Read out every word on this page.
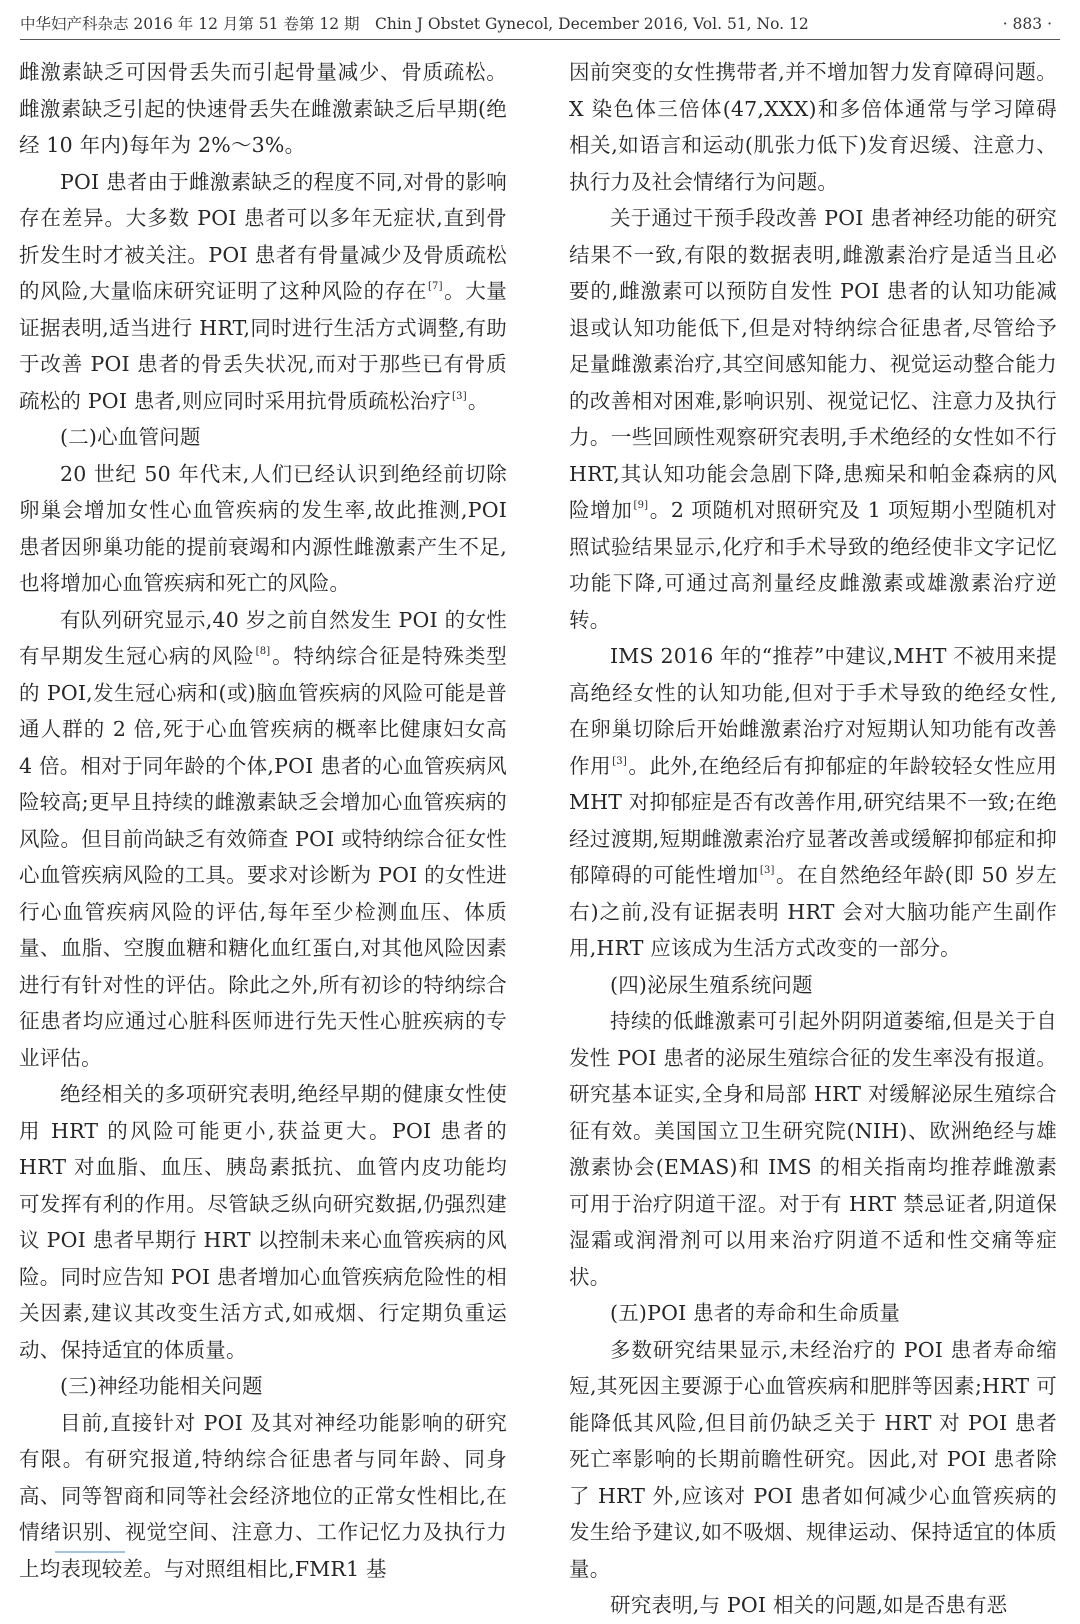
中华妇产科杂志 2016 年 12 月第 51 卷第 12 期　Chin J Obstet Gynecol, December 2016, Vol. 51, No. 12	· 883 ·

雌激素缺乏可因骨丢失而引起骨量减少、骨质疏松。雌激素缺乏引起的快速骨丢失在雌激素缺乏后早期(绝经 10 年内)每年为 2%～3%。

POI 患者由于雌激素缺乏的程度不同,对骨的影响存在差异。大多数 POI 患者可以多年无症状,直到骨折发生时才被关注。POI 患者有骨量减少及骨质疏松的风险,大量临床研究证明了这种风险的存在[7]。大量证据表明,适当进行 HRT,同时进行生活方式调整,有助于改善 POI 患者的骨丢失状况,而对于那些已有骨质疏松的 POI 患者,则应同时采用抗骨质疏松治疗[3]。

(二)心血管问题

20 世纪 50 年代末,人们已经认识到绝经前切除卵巢会增加女性心血管疾病的发生率,故此推测,POI 患者因卵巢功能的提前衰竭和内源性雌激素产生不足,也将增加心血管疾病和死亡的风险。

有队列研究显示,40 岁之前自然发生 POI 的女性有早期发生冠心病的风险[8]。特纳综合征是特殊类型的 POI,发生冠心病和(或)脑血管疾病的风险可能是普通人群的 2 倍,死于心血管疾病的概率比健康妇女高 4 倍。相对于同年龄的个体,POI 患者的心血管疾病风险较高;更早且持续的雌激素缺乏会增加心血管疾病的风险。但目前尚缺乏有效筛查 POI 或特纳综合征女性心血管疾病风险的工具。要求对诊断为 POI 的女性进行心血管疾病风险的评估,每年至少检测血压、体质量、血脂、空腹血糖和糖化血红蛋白,对其他风险因素进行有针对性的评估。除此之外,所有初诊的特纳综合征患者均应通过心脏科医师进行先天性心脏疾病的专业评估。

绝经相关的多项研究表明,绝经早期的健康女性使用 HRT 的风险可能更小,获益更大。POI 患者的 HRT 对血脂、血压、胰岛素抵抗、血管内皮功能均可发挥有利的作用。尽管缺乏纵向研究数据,仍强烈建议 POI 患者早期行 HRT 以控制未来心血管疾病的风险。同时应告知 POI 患者增加心血管疾病危险性的相关因素,建议其改变生活方式,如戒烟、行定期负重运动、保持适宜的体质量。

(三)神经功能相关问题

目前,直接针对 POI 及其对神经功能影响的研究有限。有研究报道,特纳综合征患者与同年龄、同身高、同等智商和同等社会经济地位的正常女性相比,在情绪识别、视觉空间、注意力、工作记忆力及执行力上均表现较差。与对照组相比,FMR1 基

因前突变的女性携带者,并不增加智力发育障碍问题。X 染色体三倍体(47,XXX)和多倍体通常与学习障碍相关,如语言和运动(肌张力低下)发育迟缓、注意力、执行力及社会情绪行为问题。

关于通过干预手段改善 POI 患者神经功能的研究结果不一致,有限的数据表明,雌激素治疗是适当且必要的,雌激素可以预防自发性 POI 患者的认知功能减退或认知功能低下,但是对特纳综合征患者,尽管给予足量雌激素治疗,其空间感知能力、视觉运动整合能力的改善相对困难,影响识别、视觉记忆、注意力及执行力。一些回顾性观察研究表明,手术绝经的女性如不行 HRT,其认知功能会急剧下降,患痴呆和帕金森病的风险增加[9]。2 项随机对照研究及 1 项短期小型随机对照试验结果显示,化疗和手术导致的绝经使非文字记忆功能下降,可通过高剂量经皮雌激素或雄激素治疗逆转。

IMS 2016 年的“推荐”中建议,MHT 不被用来提高绝经女性的认知功能,但对于手术导致的绝经女性,在卵巢切除后开始雌激素治疗对短期认知功能有改善作用[3]。此外,在绝经后有抑郁症的年龄较轻女性应用 MHT 对抑郁症是否有改善作用,研究结果不一致;在绝经过渡期,短期雌激素治疗显著改善或缓解抑郁症和抑郁障碍的可能性增加[3]。在自然绝经年龄(即 50 岁左右)之前,没有证据表明 HRT 会对大脑功能产生副作用,HRT 应该成为生活方式改变的一部分。

(四)泌尿生殖系统问题

持续的低雌激素可引起外阴阴道萎缩,但是关于自发性 POI 患者的泌尿生殖综合征的发生率没有报道。研究基本证实,全身和局部 HRT 对缓解泌尿生殖综合征有效。美国国立卫生研究院(NIH)、欧洲绝经与雄激素协会(EMAS)和 IMS 的相关指南均推荐雌激素可用于治疗阴道干涩。对于有 HRT 禁忌证者,阴道保湿霜或润滑剂可以用来治疗阴道不适和性交痛等症状。

(五)POI 患者的寿命和生命质量

多数研究结果显示,未经治疗的 POI 患者寿命缩短,其死因主要源于心血管疾病和肥胖等因素;HRT 可能降低其风险,但目前仍缺乏关于 HRT 对 POI 患者死亡率影响的长期前瞻性研究。因此,对 POI 患者除了 HRT 外,应该对 POI 患者如何减少心血管疾病的发生给予建议,如不吸烟、规律运动、保持适宜的体质量。

研究表明,与 POI 相关的问题,如是否患有恶
